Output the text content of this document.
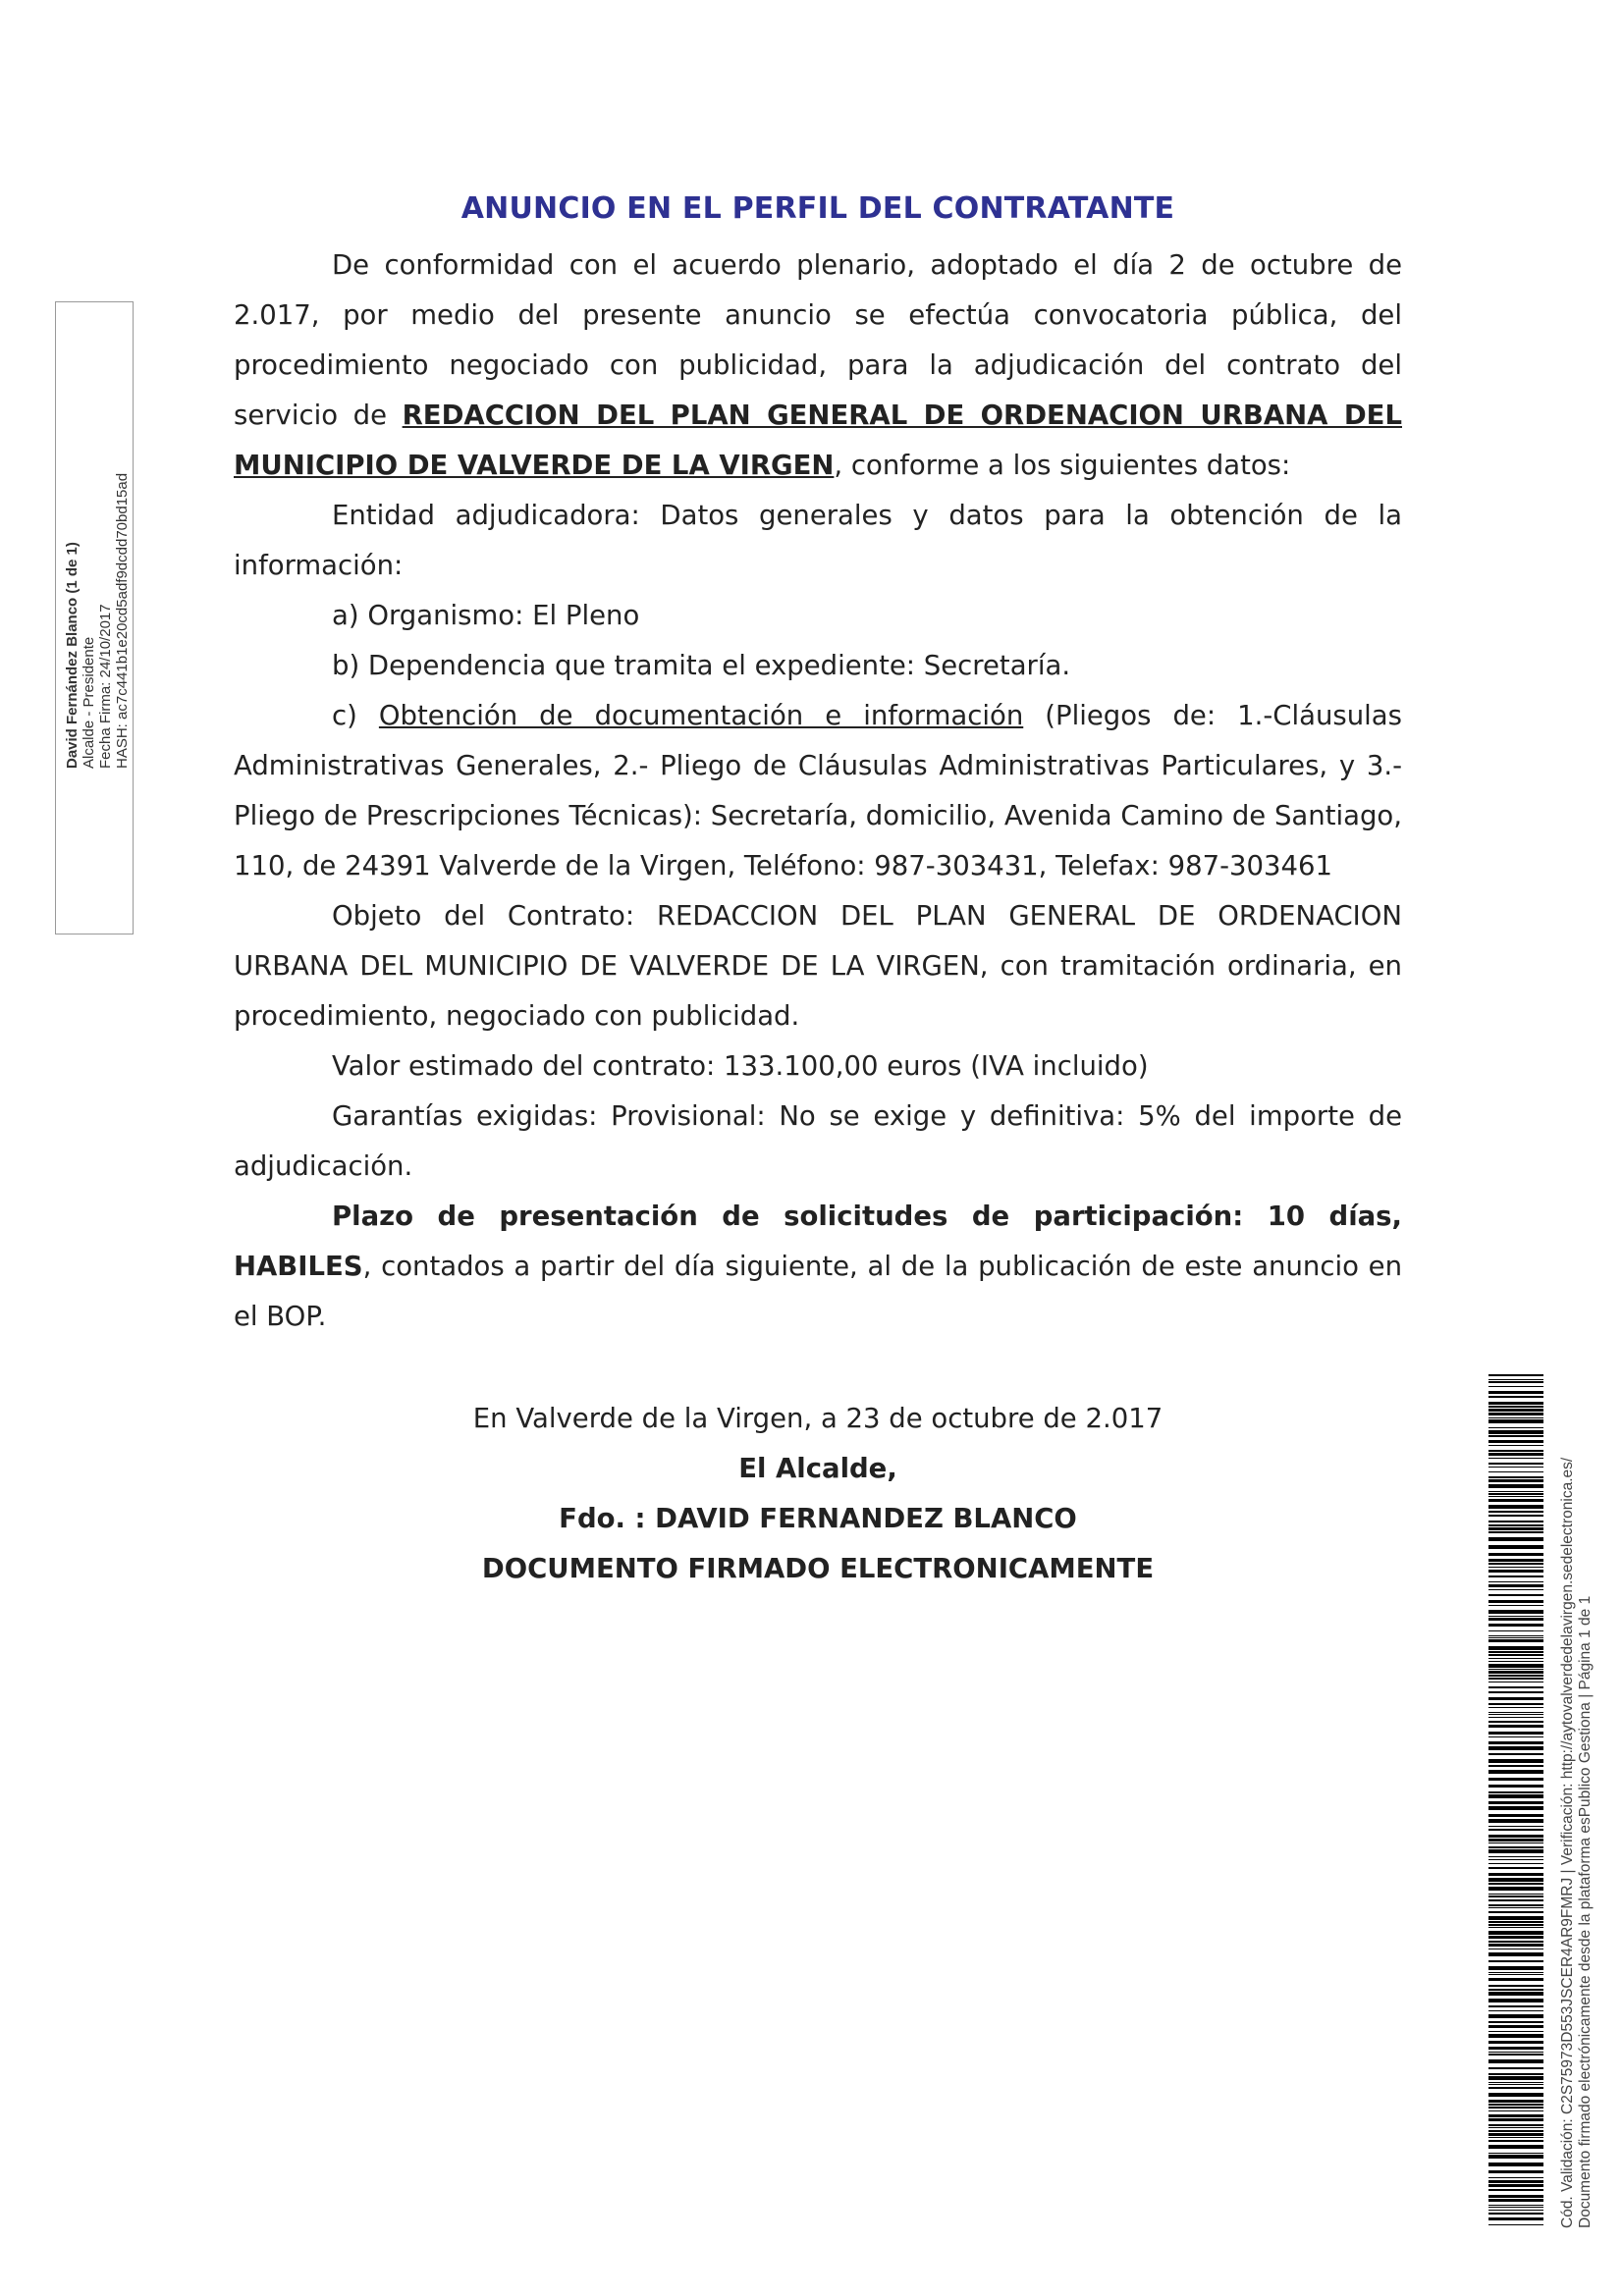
David Fernández Blanco (1 de 1) Alcalde - Presidente Fecha Firma: 24/10/2017 HASH: ac7c441b1e20cd5adf9dcdd70bd15ad
ANUNCIO EN EL PERFIL DEL CONTRATANTE

De conformidad con el acuerdo plenario, adoptado el día 2 de octubre de 2.017, por medio del presente anuncio se efectúa convocatoria pública, del procedimiento negociado con publicidad, para la adjudicación del contrato del servicio de REDACCION DEL PLAN GENERAL DE ORDENACION URBANA DEL MUNICIPIO DE VALVERDE DE LA VIRGEN, conforme a los siguientes datos:

Entidad adjudicadora: Datos generales y datos para la obtención de la información:

a) Organismo: El Pleno

b) Dependencia que tramita el expediente: Secretaría.

c) Obtención de documentación e información (Pliegos de: 1.-Cláusulas Administrativas Generales, 2.- Pliego de Cláusulas Administrativas Particulares, y 3.- Pliego de Prescripciones Técnicas): Secretaría, domicilio, Avenida Camino de Santiago, 110, de 24391 Valverde de la Virgen, Teléfono: 987-303431, Telefax: 987-303461

Objeto del Contrato: REDACCION DEL PLAN GENERAL DE ORDENACION URBANA DEL MUNICIPIO DE VALVERDE DE LA VIRGEN, con tramitación ordinaria, en procedimiento, negociado con publicidad.

Valor estimado del contrato: 133.100,00 euros (IVA incluido)

Garantías exigidas: Provisional: No se exige y definitiva: 5% del importe de adjudicación.

Plazo de presentación de solicitudes de participación: 10 días, HABILES, contados a partir del día siguiente, al de la publicación de este anuncio en el BOP.

En Valverde de la Virgen, a 23 de octubre de 2.017
El Alcalde,
Fdo. : DAVID FERNANDEZ BLANCO
DOCUMENTO FIRMADO ELECTRONICAMENTE	Cód. Validación: C2S75973D553JSCER4AR9FMRJ | Verificación: http://aytovalverdedelavirgen.sedelectronica.es/ Documento firmado electrónicamente desde la plataforma esPublico Gestiona | Página 1 de 1
